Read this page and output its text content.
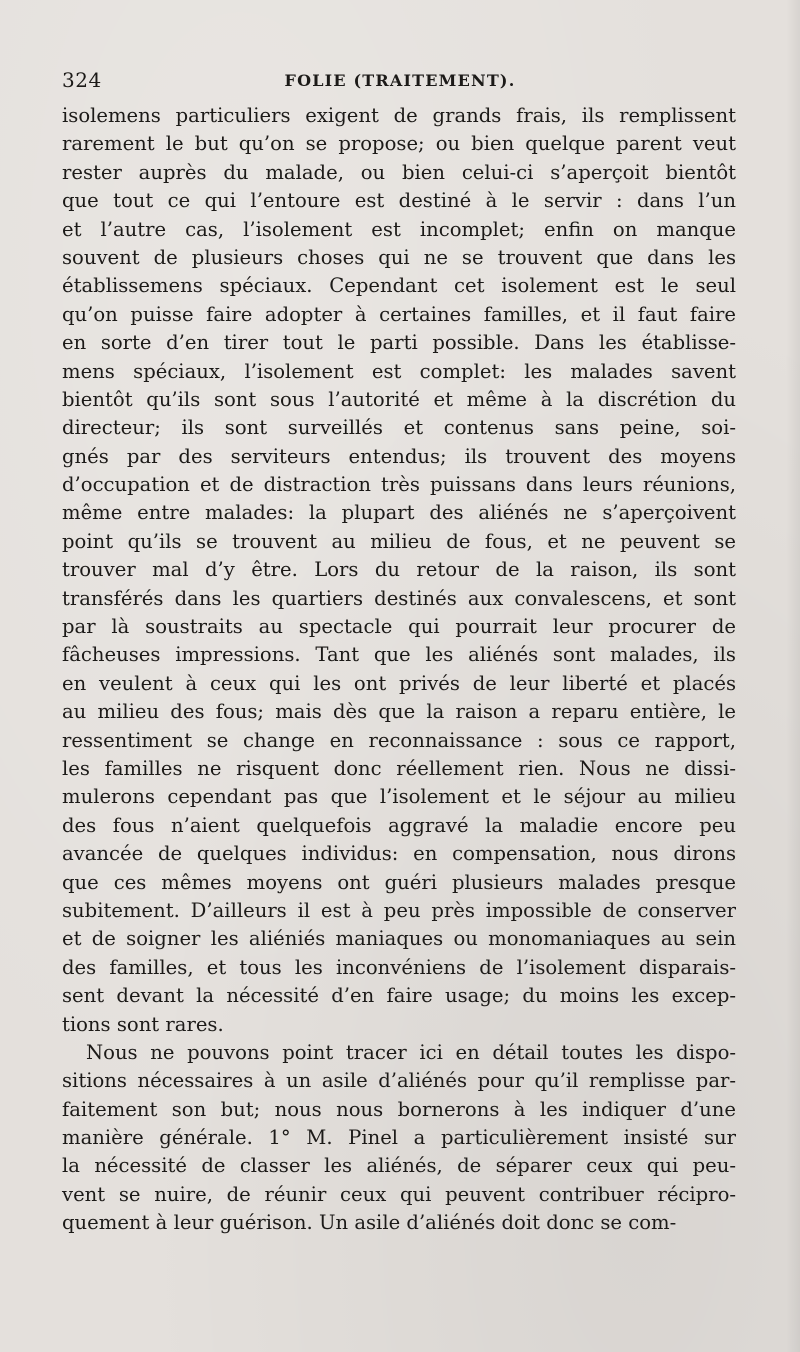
324	FOLIE (TRAITEMENT).
isolemens particuliers exigent de grands frais, ils remplissent
rarement le but qu’on se propose; ou bien quelque parent veut
rester auprès du malade, ou bien celui-ci s’aperçoit bientôt
que tout ce qui l’entoure est destiné à le servir : dans l’un
et l’autre cas, l’isolement est incomplet; enfin on manque
souvent de plusieurs choses qui ne se trouvent que dans les
établissemens spéciaux. Cependant cet isolement est le seul
qu’on puisse faire adopter à certaines familles, et il faut faire
en sorte d’en tirer tout le parti possible. Dans les établisse-
mens spéciaux, l’isolement est complet: les malades savent
bientôt qu’ils sont sous l’autorité et même à la discrétion du
directeur; ils sont surveillés et contenus sans peine, soi-
gnés par des serviteurs entendus; ils trouvent des moyens
d’occupation et de distraction très puissans dans leurs réunions,
même entre malades: la plupart des aliénés ne s’aperçoivent
point qu’ils se trouvent au milieu de fous, et ne peuvent se
trouver mal d’y être. Lors du retour de la raison, ils sont
transférés dans les quartiers destinés aux convalescens, et sont
par là soustraits au spectacle qui pourrait leur procurer de
fâcheuses impressions. Tant que les aliénés sont malades, ils
en veulent à ceux qui les ont privés de leur liberté et placés
au milieu des fous; mais dès que la raison a reparu entière, le
ressentiment se change en reconnaissance : sous ce rapport,
les familles ne risquent donc réellement rien. Nous ne dissi-
mulerons cependant pas que l’isolement et le séjour au milieu
des fous n’aient quelquefois aggravé la maladie encore peu
avancée de quelques individus: en compensation, nous dirons
que ces mêmes moyens ont guéri plusieurs malades presque
subitement. D’ailleurs il est à peu près impossible de conserver
et de soigner les aliéniés maniaques ou monomaniaques au sein
des familles, et tous les inconvéniens de l’isolement disparais-
sent devant la nécessité d’en faire usage; du moins les excep-
tions sont rares.
Nous ne pouvons point tracer ici en détail toutes les dispo-
sitions nécessaires à un asile d’aliénés pour qu’il remplisse par-
faitement son but; nous nous bornerons à les indiquer d’une
manière générale. 1° M. Pinel a particulièrement insisté sur
la nécessité de classer les aliénés, de séparer ceux qui peu-
vent se nuire, de réunir ceux qui peuvent contribuer récipro-
quement à leur guérison. Un asile d’aliénés doit donc se com-
